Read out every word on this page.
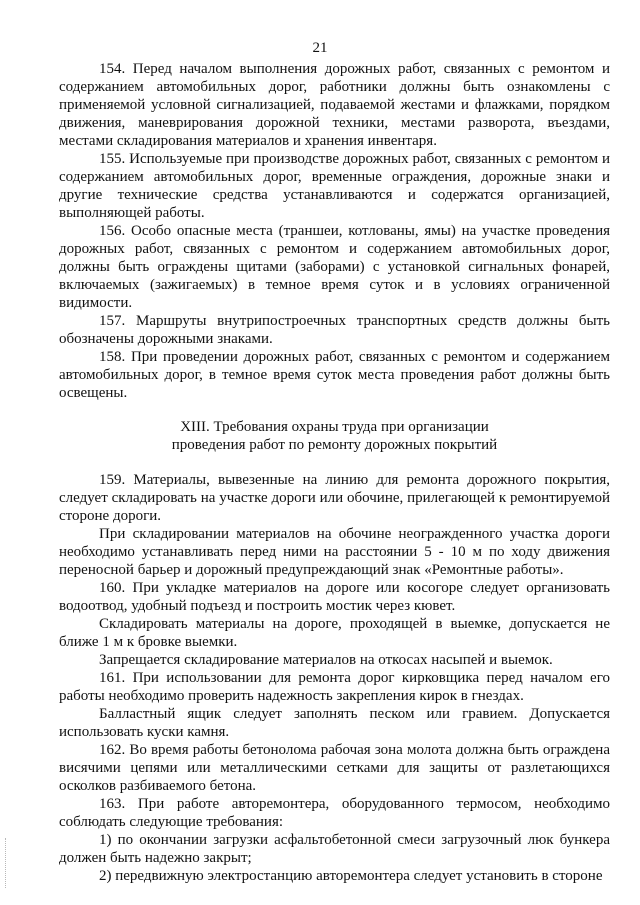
21

154. Перед началом выполнения дорожных работ, связанных с ремонтом и содержанием автомобильных дорог, работники должны быть ознакомлены с применяемой условной сигнализацией, подаваемой жестами и флажками, порядком движения, маневрирования дорожной техники, местами разворота, въездами, местами складирования материалов и хранения инвентаря.

155. Используемые при производстве дорожных работ, связанных с ремонтом и содержанием автомобильных дорог, временные ограждения, дорожные знаки и другие технические средства устанавливаются и содержатся организацией, выполняющей работы.

156. Особо опасные места (траншеи, котлованы, ямы) на участке проведения дорожных работ, связанных с ремонтом и содержанием автомобильных дорог, должны быть ограждены щитами (заборами) с установкой сигнальных фонарей, включаемых (зажигаемых) в темное время суток и в условиях ограниченной видимости.

157. Маршруты внутрипостроечных транспортных средств должны быть обозначены дорожными знаками.

158. При проведении дорожных работ, связанных с ремонтом и содержанием автомобильных дорог, в темное время суток места проведения работ должны быть освещены.

XIII. Требования охраны труда при организации
проведения работ по ремонту дорожных покрытий

159. Материалы, вывезенные на линию для ремонта дорожного покрытия, следует складировать на участке дороги или обочине, прилегающей к ремонтируемой стороне дороги.

При складировании материалов на обочине неогражденного участка дороги необходимо устанавливать перед ними на расстоянии 5 - 10 м по ходу движения переносной барьер и дорожный предупреждающий знак «Ремонтные работы».

160. При укладке материалов на дороге или косогоре следует организовать водоотвод, удобный подъезд и построить мостик через кювет.

Складировать материалы на дороге, проходящей в выемке, допускается не ближе 1 м к бровке выемки.

Запрещается складирование материалов на откосах насыпей и выемок.

161. При использовании для ремонта дорог кирковщика перед началом его работы необходимо проверить надежность закрепления кирок в гнездах.

Балластный ящик следует заполнять песком или гравием. Допускается использовать куски камня.

162. Во время работы бетонолома рабочая зона молота должна быть ограждена висячими цепями или металлическими сетками для защиты от разлетающихся осколков разбиваемого бетона.

163. При работе авторемонтера, оборудованного термосом, необходимо соблюдать следующие требования:

1) по окончании загрузки асфальтобетонной смеси загрузочный люк бункера должен быть надежно закрыт;

2) передвижную электростанцию авторемонтера следует установить в стороне
